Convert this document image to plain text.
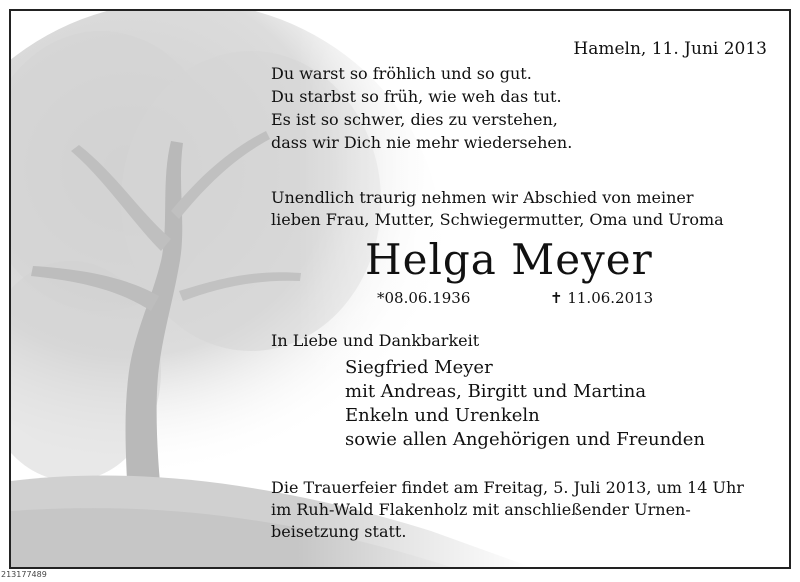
Hameln, 11. Juni 2013
Du warst so fröhlich und so gut.
Du starbst so früh, wie weh das tut.
Es ist so schwer, dies zu verstehen,
dass wir Dich nie mehr wiedersehen.
Unendlich traurig nehmen wir Abschied von meiner
lieben Frau, Mutter, Schwiegermutter, Oma und Uroma
Helga Meyer
*08.06.1936	✝ 11.06.2013
In Liebe und Dankbarkeit
Siegfried Meyer
mit Andreas, Birgitt und Martina
Enkeln und Urenkeln
sowie allen Angehörigen und Freunden
Die Trauerfeier findet am Freitag, 5. Juli 2013, um 14 Uhr
im Ruh-Wald Flakenholz mit anschließender Urnen-
beisetzung statt.
213177489
